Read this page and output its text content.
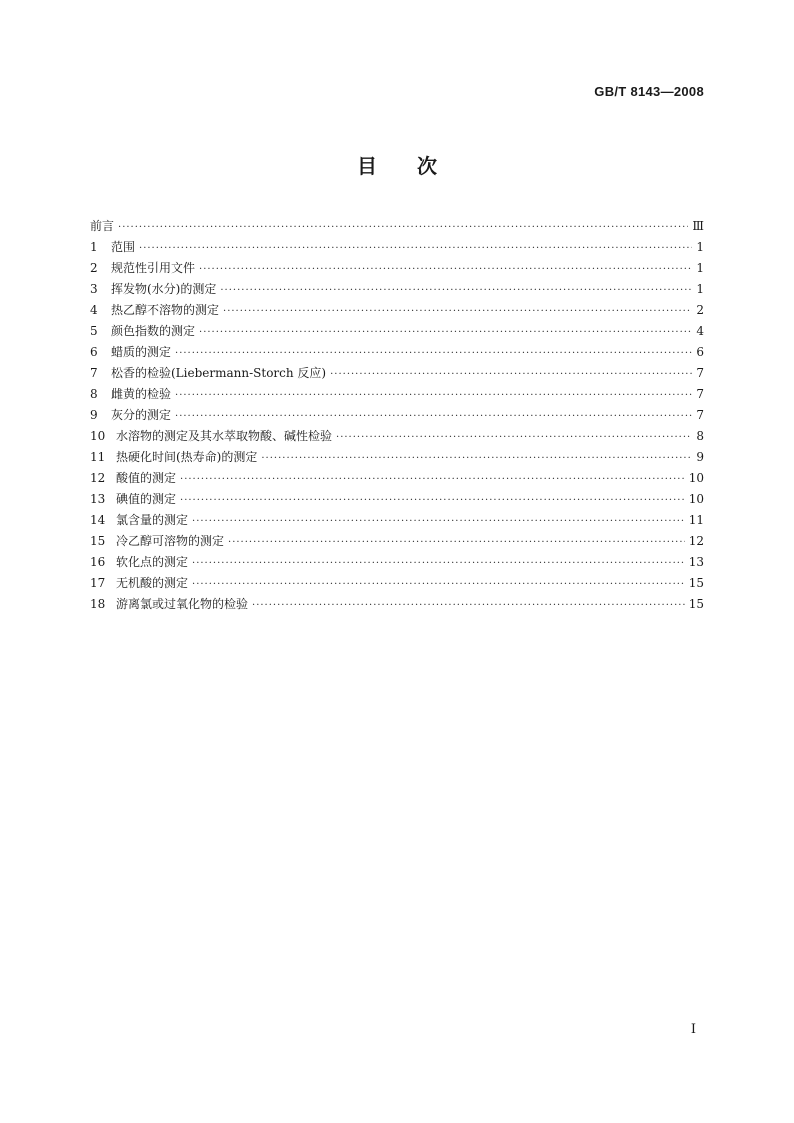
GB/T 8143—2008
目 次
前言 ·····	Ⅲ
1	范围 ·····	1
2	规范性引用文件 ·····	1
3	挥发物(水分)的测定 ·····	1
4	热乙醇不溶物的测定 ·····	2
5	颜色指数的测定 ·····	4
6	蜡质的测定 ·····	6
7	松香的检验(Liebermann-Storch 反应) ·····	7
8	雌黄的检验 ·····	7
9	灰分的测定 ·····	7
10 水溶物的测定及其水萃取物酸、碱性检验 ·····	8
11 热硬化时间(热寿命)的测定 ·····	9
12 酸值的测定 ·····	10
13 碘值的测定 ·····	10
14 氯含量的测定 ·····	11
15 冷乙醇可溶物的测定 ·····	12
16 软化点的测定 ·····	13
17 无机酸的测定 ·····	15
18 游离氯或过氧化物的检验 ·····	15
I
